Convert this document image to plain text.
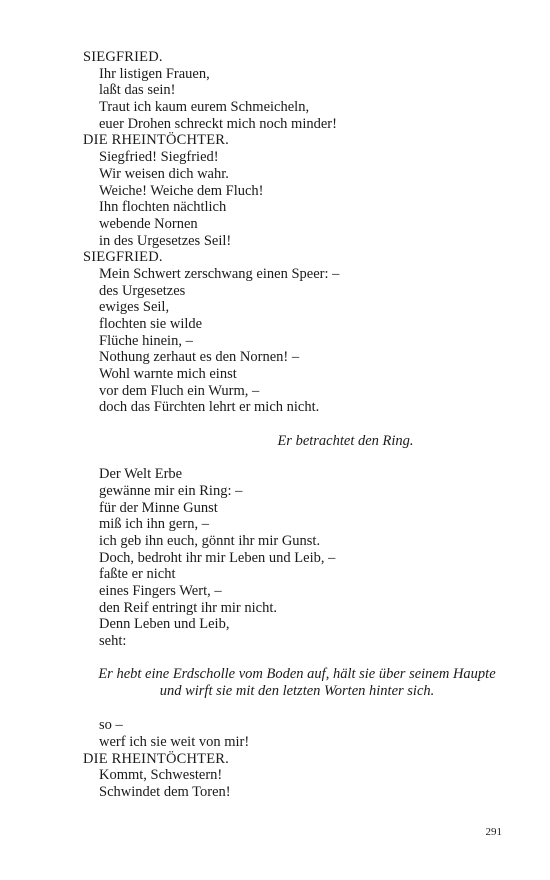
SIEGFRIED.
Ihr listigen Frauen,
laßt das sein!
Traut ich kaum eurem Schmeicheln,
euer Drohen schreckt mich noch minder!
DIE RHEINTÖCHTER.
Siegfried! Siegfried!
Wir weisen dich wahr.
Weiche! Weiche dem Fluch!
Ihn flochten nächtlich
webende Nornen
in des Urgesetzes Seil!
SIEGFRIED.
Mein Schwert zerschwang einen Speer: –
des Urgesetzes
ewiges Seil,
flochten sie wilde
Flüche hinein, –
Nothung zerhaut es den Nornen! –
Wohl warnte mich einst
vor dem Fluch ein Wurm, –
doch das Fürchten lehrt er mich nicht.
Er betrachtet den Ring.
Der Welt Erbe
gewänne mir ein Ring: –
für der Minne Gunst
miß ich ihn gern, –
ich geb ihn euch, gönnt ihr mir Gunst.
Doch, bedroht ihr mir Leben und Leib, –
faßte er nicht
eines Fingers Wert, –
den Reif entringt ihr mir nicht.
Denn Leben und Leib,
seht:
Er hebt eine Erdscholle vom Boden auf, hält sie über seinem Haupte
und wirft sie mit den letzten Worten hinter sich.
so –
werf ich sie weit von mir!
DIE RHEINTÖCHTER.
Kommt, Schwestern!
Schwindet dem Toren!
291
